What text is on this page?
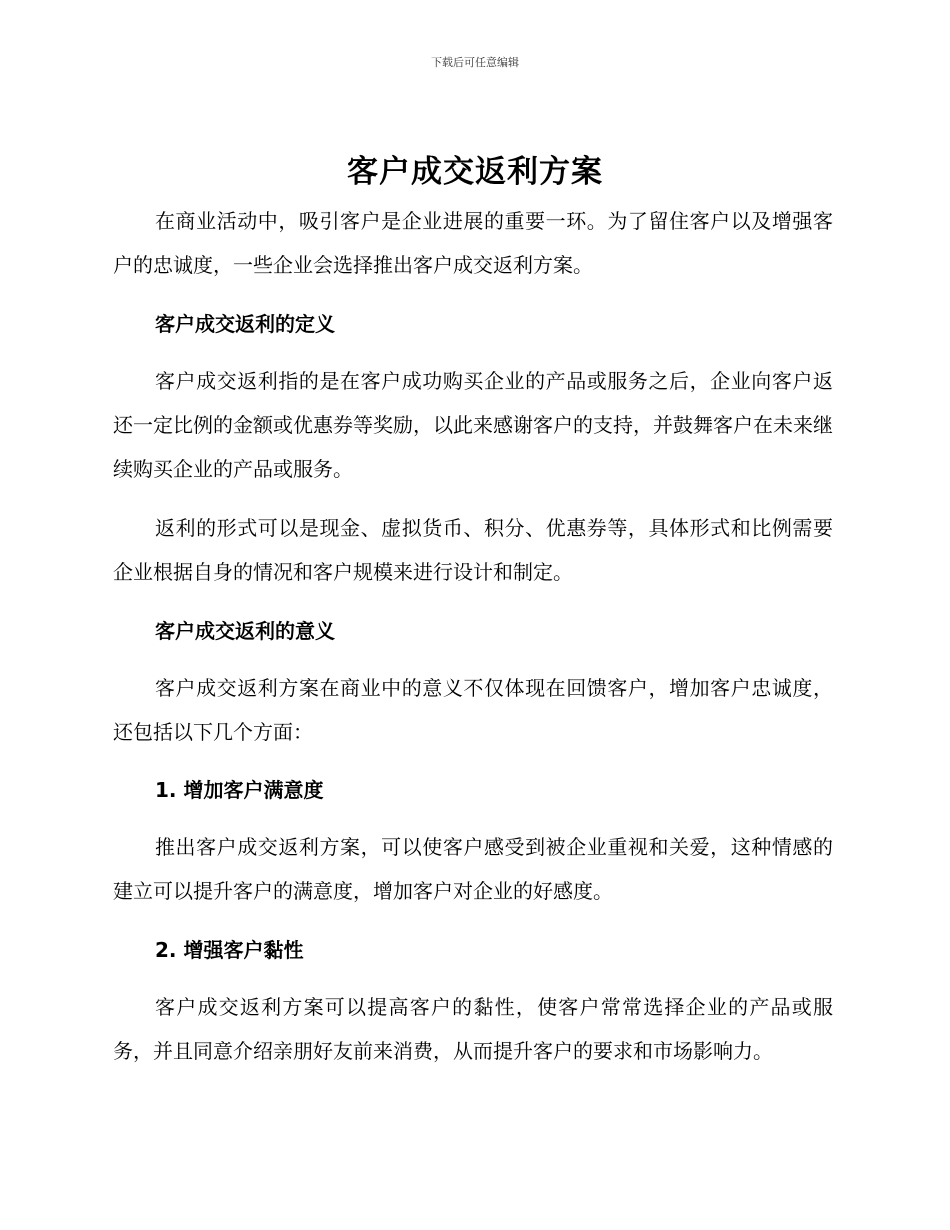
下载后可任意编辑
客户成交返利方案

在商业活动中，吸引客户是企业进展的重要一环。为了留住客户以及增强客户的忠诚度，一些企业会选择推出客户成交返利方案。

客户成交返利的定义

客户成交返利指的是在客户成功购买企业的产品或服务之后，企业向客户返还一定比例的金额或优惠券等奖励，以此来感谢客户的支持，并鼓舞客户在未来继续购买企业的产品或服务。

返利的形式可以是现金、虚拟货币、积分、优惠券等，具体形式和比例需要企业根据自身的情况和客户规模来进行设计和制定。

客户成交返利的意义

客户成交返利方案在商业中的意义不仅体现在回馈客户，增加客户忠诚度，还包括以下几个方面：

1. 增加客户满意度

推出客户成交返利方案，可以使客户感受到被企业重视和关爱，这种情感的建立可以提升客户的满意度，增加客户对企业的好感度。

2. 增强客户黏性

客户成交返利方案可以提高客户的黏性，使客户常常选择企业的产品或服务，并且同意介绍亲朋好友前来消费，从而提升客户的要求和市场影响力。
